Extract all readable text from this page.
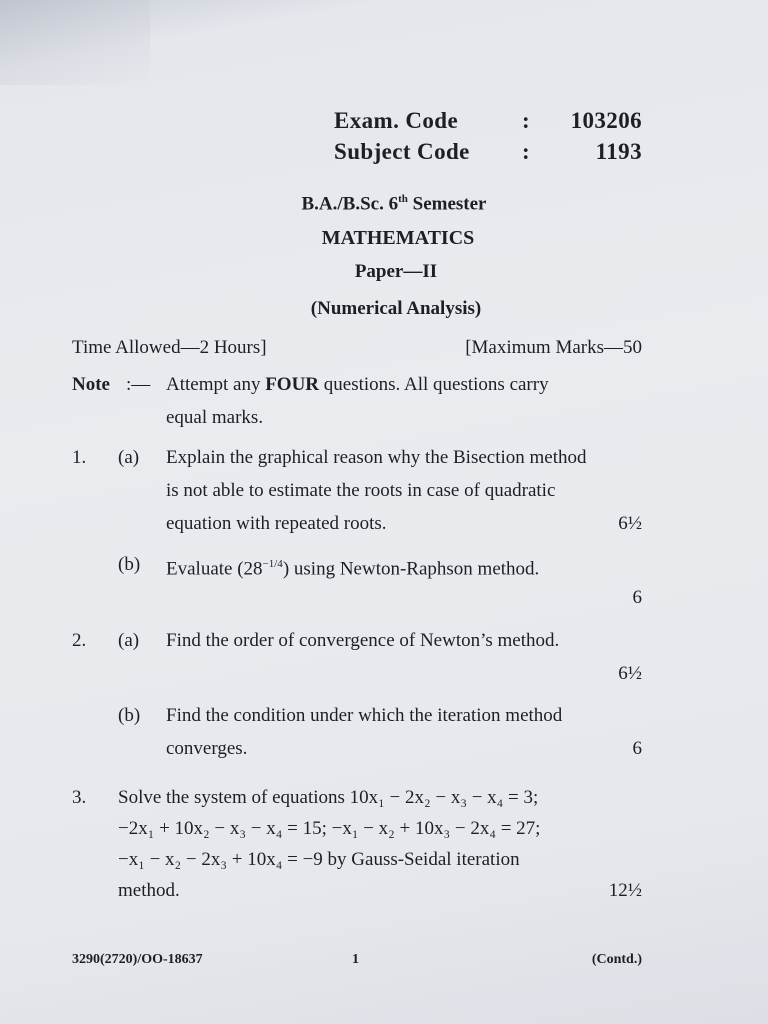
Exam. Code	:	103206
Subject Code :	1193
B.A./B.Sc. 6th Semester
MATHEMATICS
Paper—II
(Numerical Analysis)
Time Allowed—2 Hours]	[Maximum Marks—50
Note :— Attempt any FOUR questions. All questions carry
equal marks.
1. (a) Explain the graphical reason why the Bisection method
is not able to estimate the roots in case of quadratic
equation with repeated roots.	6½
(b) Evaluate $(28^{-1/4})$ using Newton-Raphson method.
6
2. (a) Find the order of convergence of Newton’s method.
6½
(b) Find the condition under which the iteration method
converges.	6
3. Solve the system of equations 10x₁ − 2x₂ − x₃ − x₄ = 3;
−2x₁ + 10x₂ − x₃ − x₄ = 15; −x₁ − x₂ + 10x₃ − 2x₄ = 27;
−x₁ − x₂ − 2x₃ + 10x₄ = −9 by Gauss-Seidal iteration
method.	12½
3290(2720)/OO-18637	1	(Contd.)
